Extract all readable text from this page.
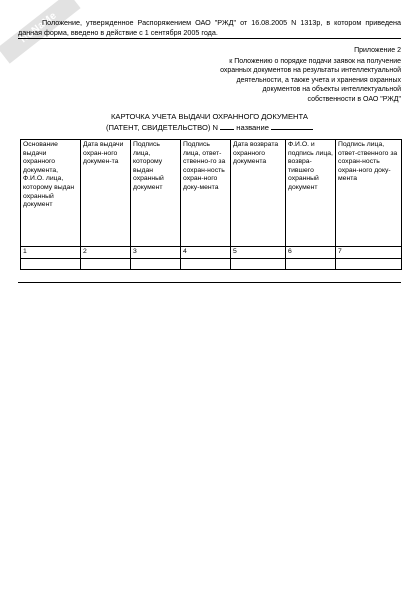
NoNaMe
Положение, утвержденное Распоряжением ОАО "РЖД" от 16.08.2005 N 1313р, в котором приведена данная форма, введено в действие с 1 сентября 2005 года.
Приложение 2
к Положению о порядке подачи заявок на получение
охранных документов на результаты интеллектуальной
деятельности, а также учета и хранения охранных
документов на объекты интеллектуальной
собственности в ОАО "РЖД"
КАРТОЧКА УЧЕТА ВЫДАЧИ ОХРАННОГО ДОКУМЕНТА
(ПАТЕНТ, СВИДЕТЕЛЬСТВО) N название
Основание выдачи охранного документа, Ф.И.О. лица, которому выдан охранный документ	Дата выдачи охран-ного докумен-та	Подпись лица, которому выдан охранный документ	Подпись лица, ответ-ственно-го за сохран-ность охран-ного доку-мента	Дата возврата охранного документа	Ф.И.О. и подпись лица, возвра-тившего охранный документ	Подпись лица, ответ-ственного за сохран-ность охран-ного доку-мента
1	2	3	4	5	6	7
